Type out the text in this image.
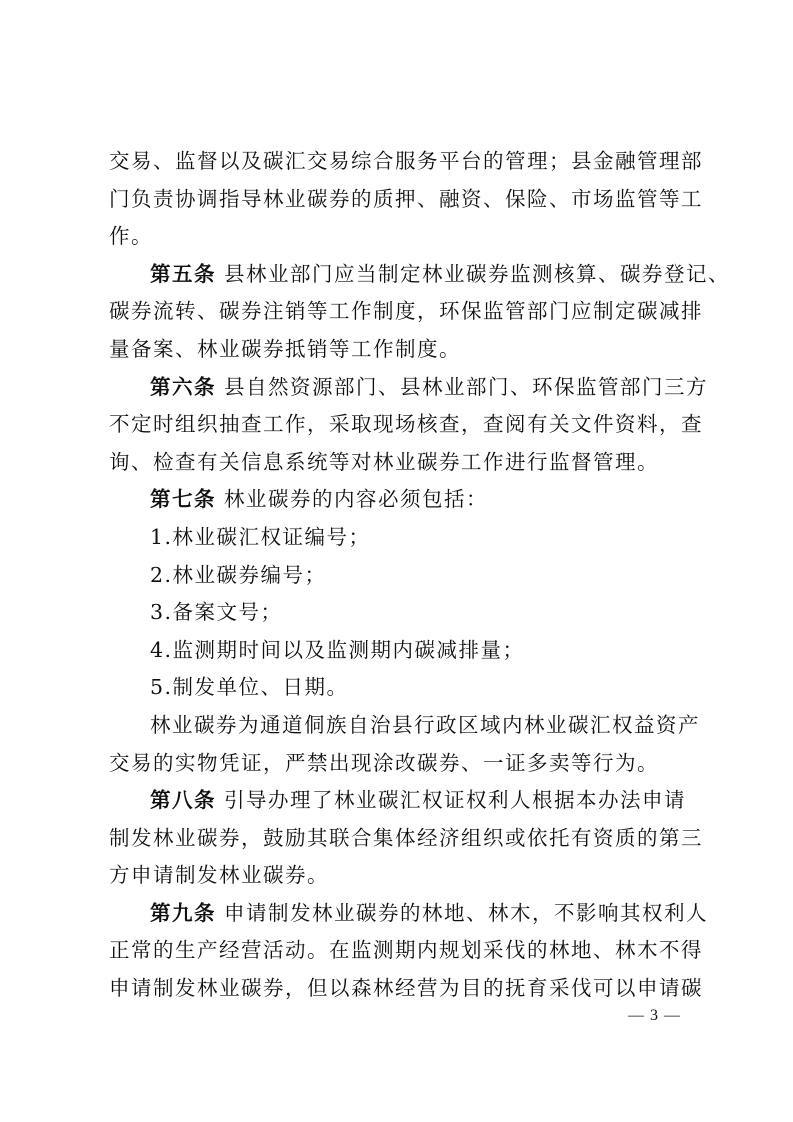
交易、监督以及碳汇交易综合服务平台的管理；县金融管理部
门负责协调指导林业碳券的质押、融资、保险、市场监管等工
作。
第五条 县林业部门应当制定林业碳券监测核算、碳券登记、
碳券流转、碳券注销等工作制度，环保监管部门应制定碳减排
量备案、林业碳券抵销等工作制度。
第六条 县自然资源部门、县林业部门、环保监管部门三方
不定时组织抽查工作，采取现场核查，查阅有关文件资料，查
询、检查有关信息系统等对林业碳券工作进行监督管理。
第七条 林业碳券的内容必须包括：
1.林业碳汇权证编号；
2.林业碳券编号；
3.备案文号；
4.监测期时间以及监测期内碳减排量；
5.制发单位、日期。
林业碳券为通道侗族自治县行政区域内林业碳汇权益资产
交易的实物凭证，严禁出现涂改碳券、一证多卖等行为。
第八条 引导办理了林业碳汇权证权利人根据本办法申请
制发林业碳券，鼓励其联合集体经济组织或依托有资质的第三
方申请制发林业碳券。
第九条 申请制发林业碳券的林地、林木，不影响其权利人
正常的生产经营活动。在监测期内规划采伐的林地、林木不得
申请制发林业碳券，但以森林经营为目的抚育采伐可以申请碳
— 3 —
